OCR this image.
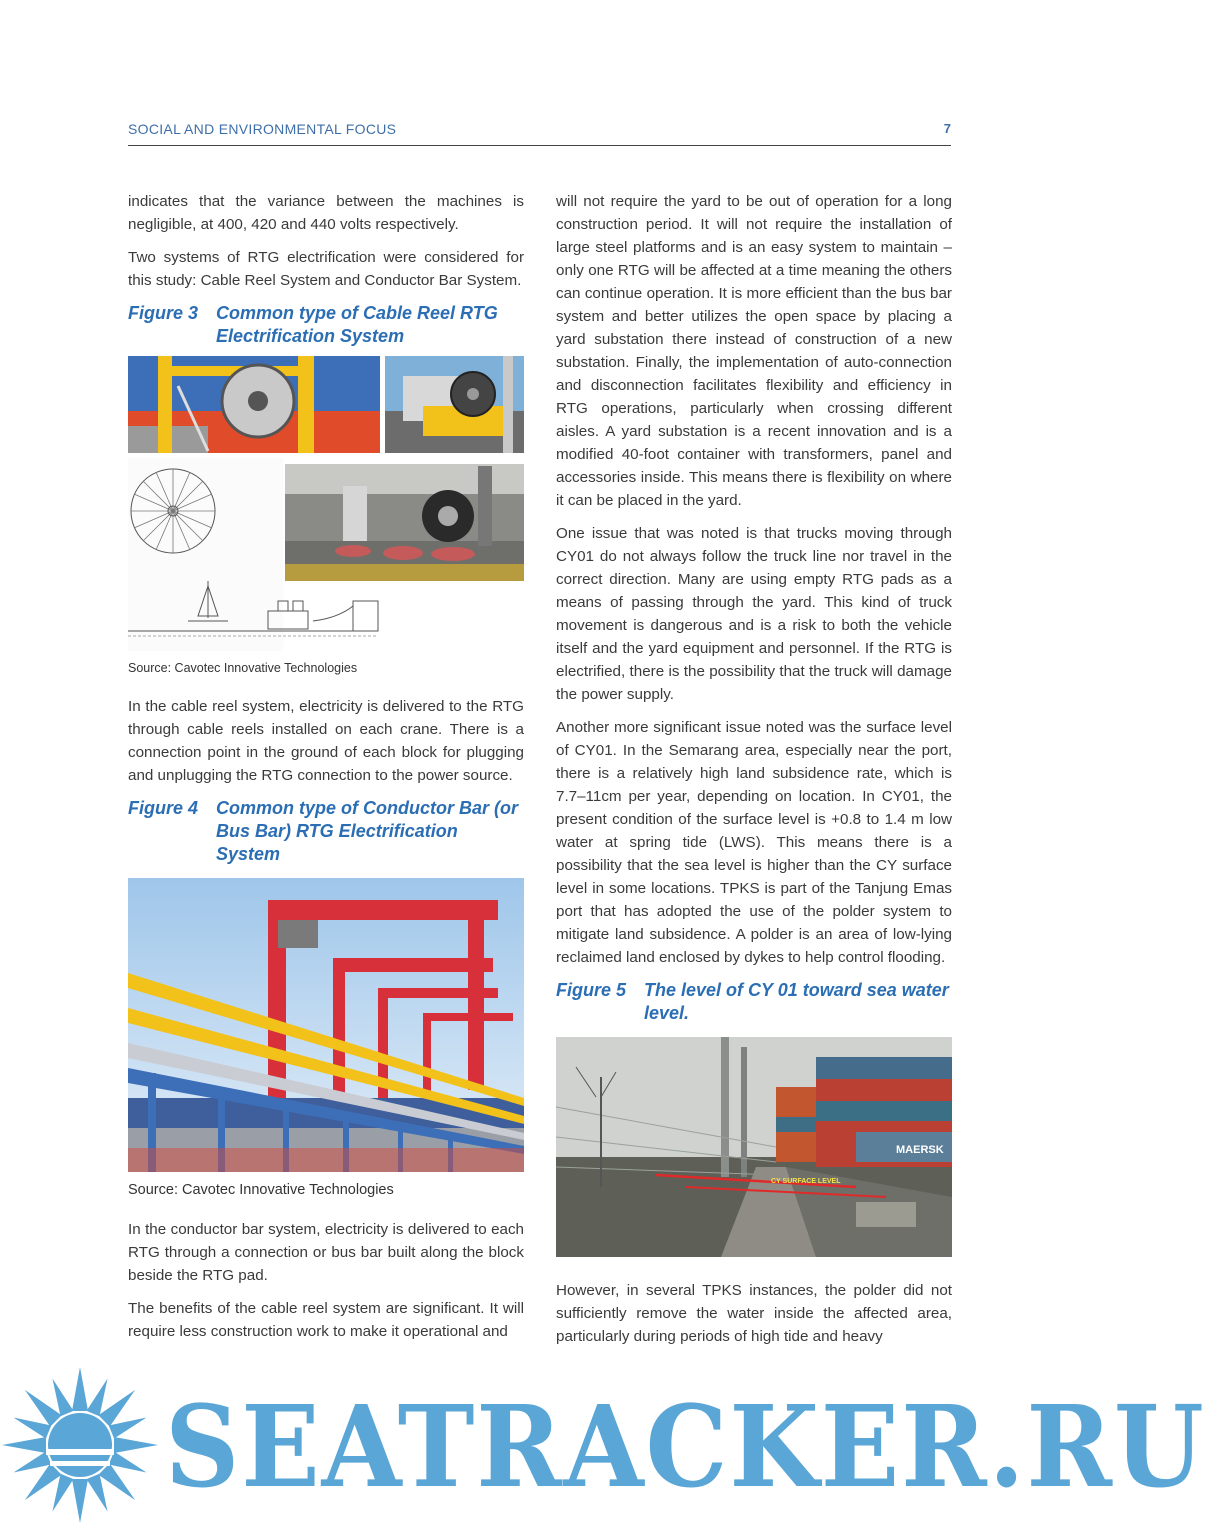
SOCIAL AND ENVIRONMENTAL FOCUS	7

indicates that the variance between the machines is negligible, at 400, 420 and 440 volts respectively.

Two systems of RTG electrification were considered for this study: Cable Reel System and Conductor Bar System.

Figure 3 Common type of Cable Reel RTG Electrification System
Source: Cavotec Innovative Technologies

In the cable reel system, electricity is delivered to the RTG through cable reels installed on each crane. There is a connection point in the ground of each block for plugging and unplugging the RTG connection to the power source.

Figure 4 Common type of Conductor Bar (or Bus Bar) RTG Electrification System
Source: Cavotec Innovative Technologies

In the conductor bar system, electricity is delivered to each RTG through a connection or bus bar built along the block beside the RTG pad.

The benefits of the cable reel system are significant. It will require less construction work to make it operational and

will not require the yard to be out of operation for a long construction period. It will not require the installation of large steel platforms and is an easy system to maintain – only one RTG will be affected at a time meaning the others can continue operation. It is more efficient than the bus bar system and better utilizes the open space by placing a yard substation there instead of construction of a new substation. Finally, the implementation of auto-connection and disconnection facilitates flexibility and efficiency in RTG operations, particularly when crossing different aisles. A yard substation is a recent innovation and is a modified 40-foot container with transformers, panel and accessories inside. This means there is flexibility on where it can be placed in the yard.

One issue that was noted is that trucks moving through CY01 do not always follow the truck line nor travel in the correct direction. Many are using empty RTG pads as a means of passing through the yard. This kind of truck movement is dangerous and is a risk to both the vehicle itself and the yard equipment and personnel. If the RTG is electrified, there is the possibility that the truck will damage the power supply.

Another more significant issue noted was the surface level of CY01. In the Semarang area, especially near the port, there is a relatively high land subsidence rate, which is 7.7–11cm per year, depending on location. In CY01, the present condition of the surface level is +0.8 to 1.4 m low water at spring tide (LWS). This means there is a possibility that the sea level is higher than the CY surface level in some locations. TPKS is part of the Tanjung Emas port that has adopted the use of the polder system to mitigate land subsidence. A polder is an area of low-lying reclaimed land enclosed by dykes to help control flooding.

Figure 5 The level of CY 01 toward sea water level.
MAERSK
CY SURFACE LEVEL

However, in several TPKS instances, the polder did not sufficiently remove the water inside the affected area, particularly during periods of high tide and heavy

SEATRACKER.RU
